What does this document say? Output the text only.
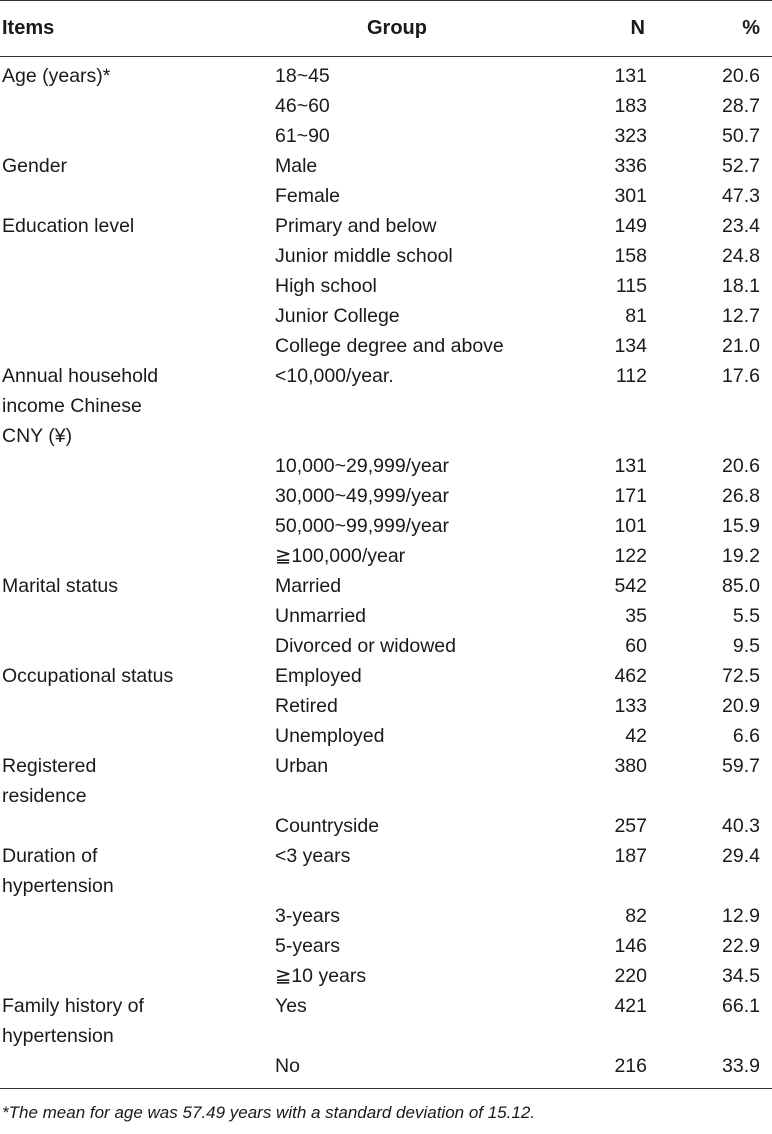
Items	Group	N	%

Age (years)*	18~45	131	20.6

	46~60	183	28.7

	61~90	323	50.7

Gender	Male	336	52.7

	Female	301	47.3

Education level	Primary and below	149	23.4

	Junior middle school	158	24.8

	High school	115	18.1

	Junior College	81	12.7

	College degree and above	134	21.0

Annual household income Chinese CNY (¥)	<10,000/year.	112	17.6

	10,000~29,999/year	131	20.6

	30,000~49,999/year	171	26.8

	50,000~99,999/year	101	15.9

	≧100,000/year	122	19.2

Marital status	Married	542	85.0

	Unmarried	35	5.5

	Divorced or widowed	60	9.5

Occupational status	Employed	462	72.5

	Retired	133	20.9

	Unemployed	42	6.6

Registered residence	Urban	380	59.7

	Countryside	257	40.3

Duration of hypertension	<3 years	187	29.4

	3-years	82	12.9

	5-years	146	22.9

	≧10 years	220	34.5

Family history of hypertension	Yes	421	66.1

	No	216	33.9
*The mean for age was 57.49 years with a standard deviation of 15.12.
